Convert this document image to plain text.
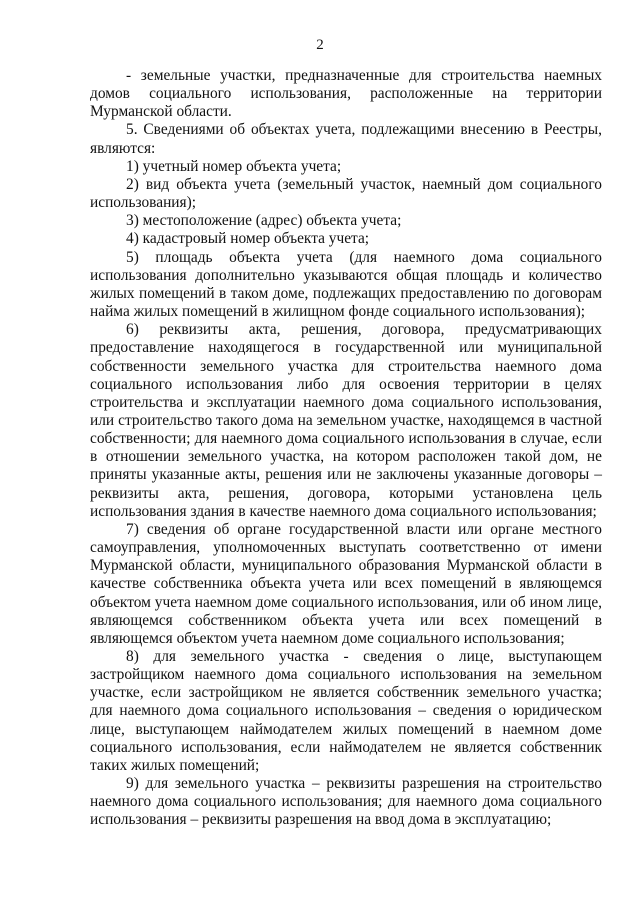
2

- земельные участки, предназначенные для строительства наемных домов социального использования, расположенные на территории Мурманской области.

5. Сведениями об объектах учета, подлежащими внесению в Реестры, являются:

1) учетный номер объекта учета;

2) вид объекта учета (земельный участок, наемный дом социального использования);

3) местоположение (адрес) объекта учета;

4) кадастровый номер объекта учета;

5) площадь объекта учета (для наемного дома социального использования дополнительно указываются общая площадь и количество жилых помещений в таком доме, подлежащих предоставлению по договорам найма жилых помещений в жилищном фонде социального использования);

6) реквизиты акта, решения, договора, предусматривающих предоставление находящегося в государственной или муниципальной собственности земельного участка для строительства наемного дома социального использования либо для освоения территории в целях строительства и эксплуатации наемного дома социального использования, или строительство такого дома на земельном участке, находящемся в частной собственности; для наемного дома социального использования в случае, если в отношении земельного участка, на котором расположен такой дом, не приняты указанные акты, решения или не заключены указанные договоры – реквизиты акта, решения, договора, которыми установлена цель использования здания в качестве наемного дома социального использования;

7) сведения об органе государственной власти или органе местного самоуправления, уполномоченных выступать соответственно от имени Мурманской области, муниципального образования Мурманской области в качестве собственника объекта учета или всех помещений в являющемся объектом учета наемном доме социального использования, или об ином лице, являющемся собственником объекта учета или всех помещений в являющемся объектом учета наемном доме социального использования;

8) для земельного участка - сведения о лице, выступающем застройщиком наемного дома социального использования на земельном участке, если застройщиком не является собственник земельного участка; для наемного дома социального использования – сведения о юридическом лице, выступающем наймодателем жилых помещений в наемном доме социального использования, если наймодателем не является собственник таких жилых помещений;

9) для земельного участка – реквизиты разрешения на строительство наемного дома социального использования; для наемного дома социального использования – реквизиты разрешения на ввод дома в эксплуатацию;
